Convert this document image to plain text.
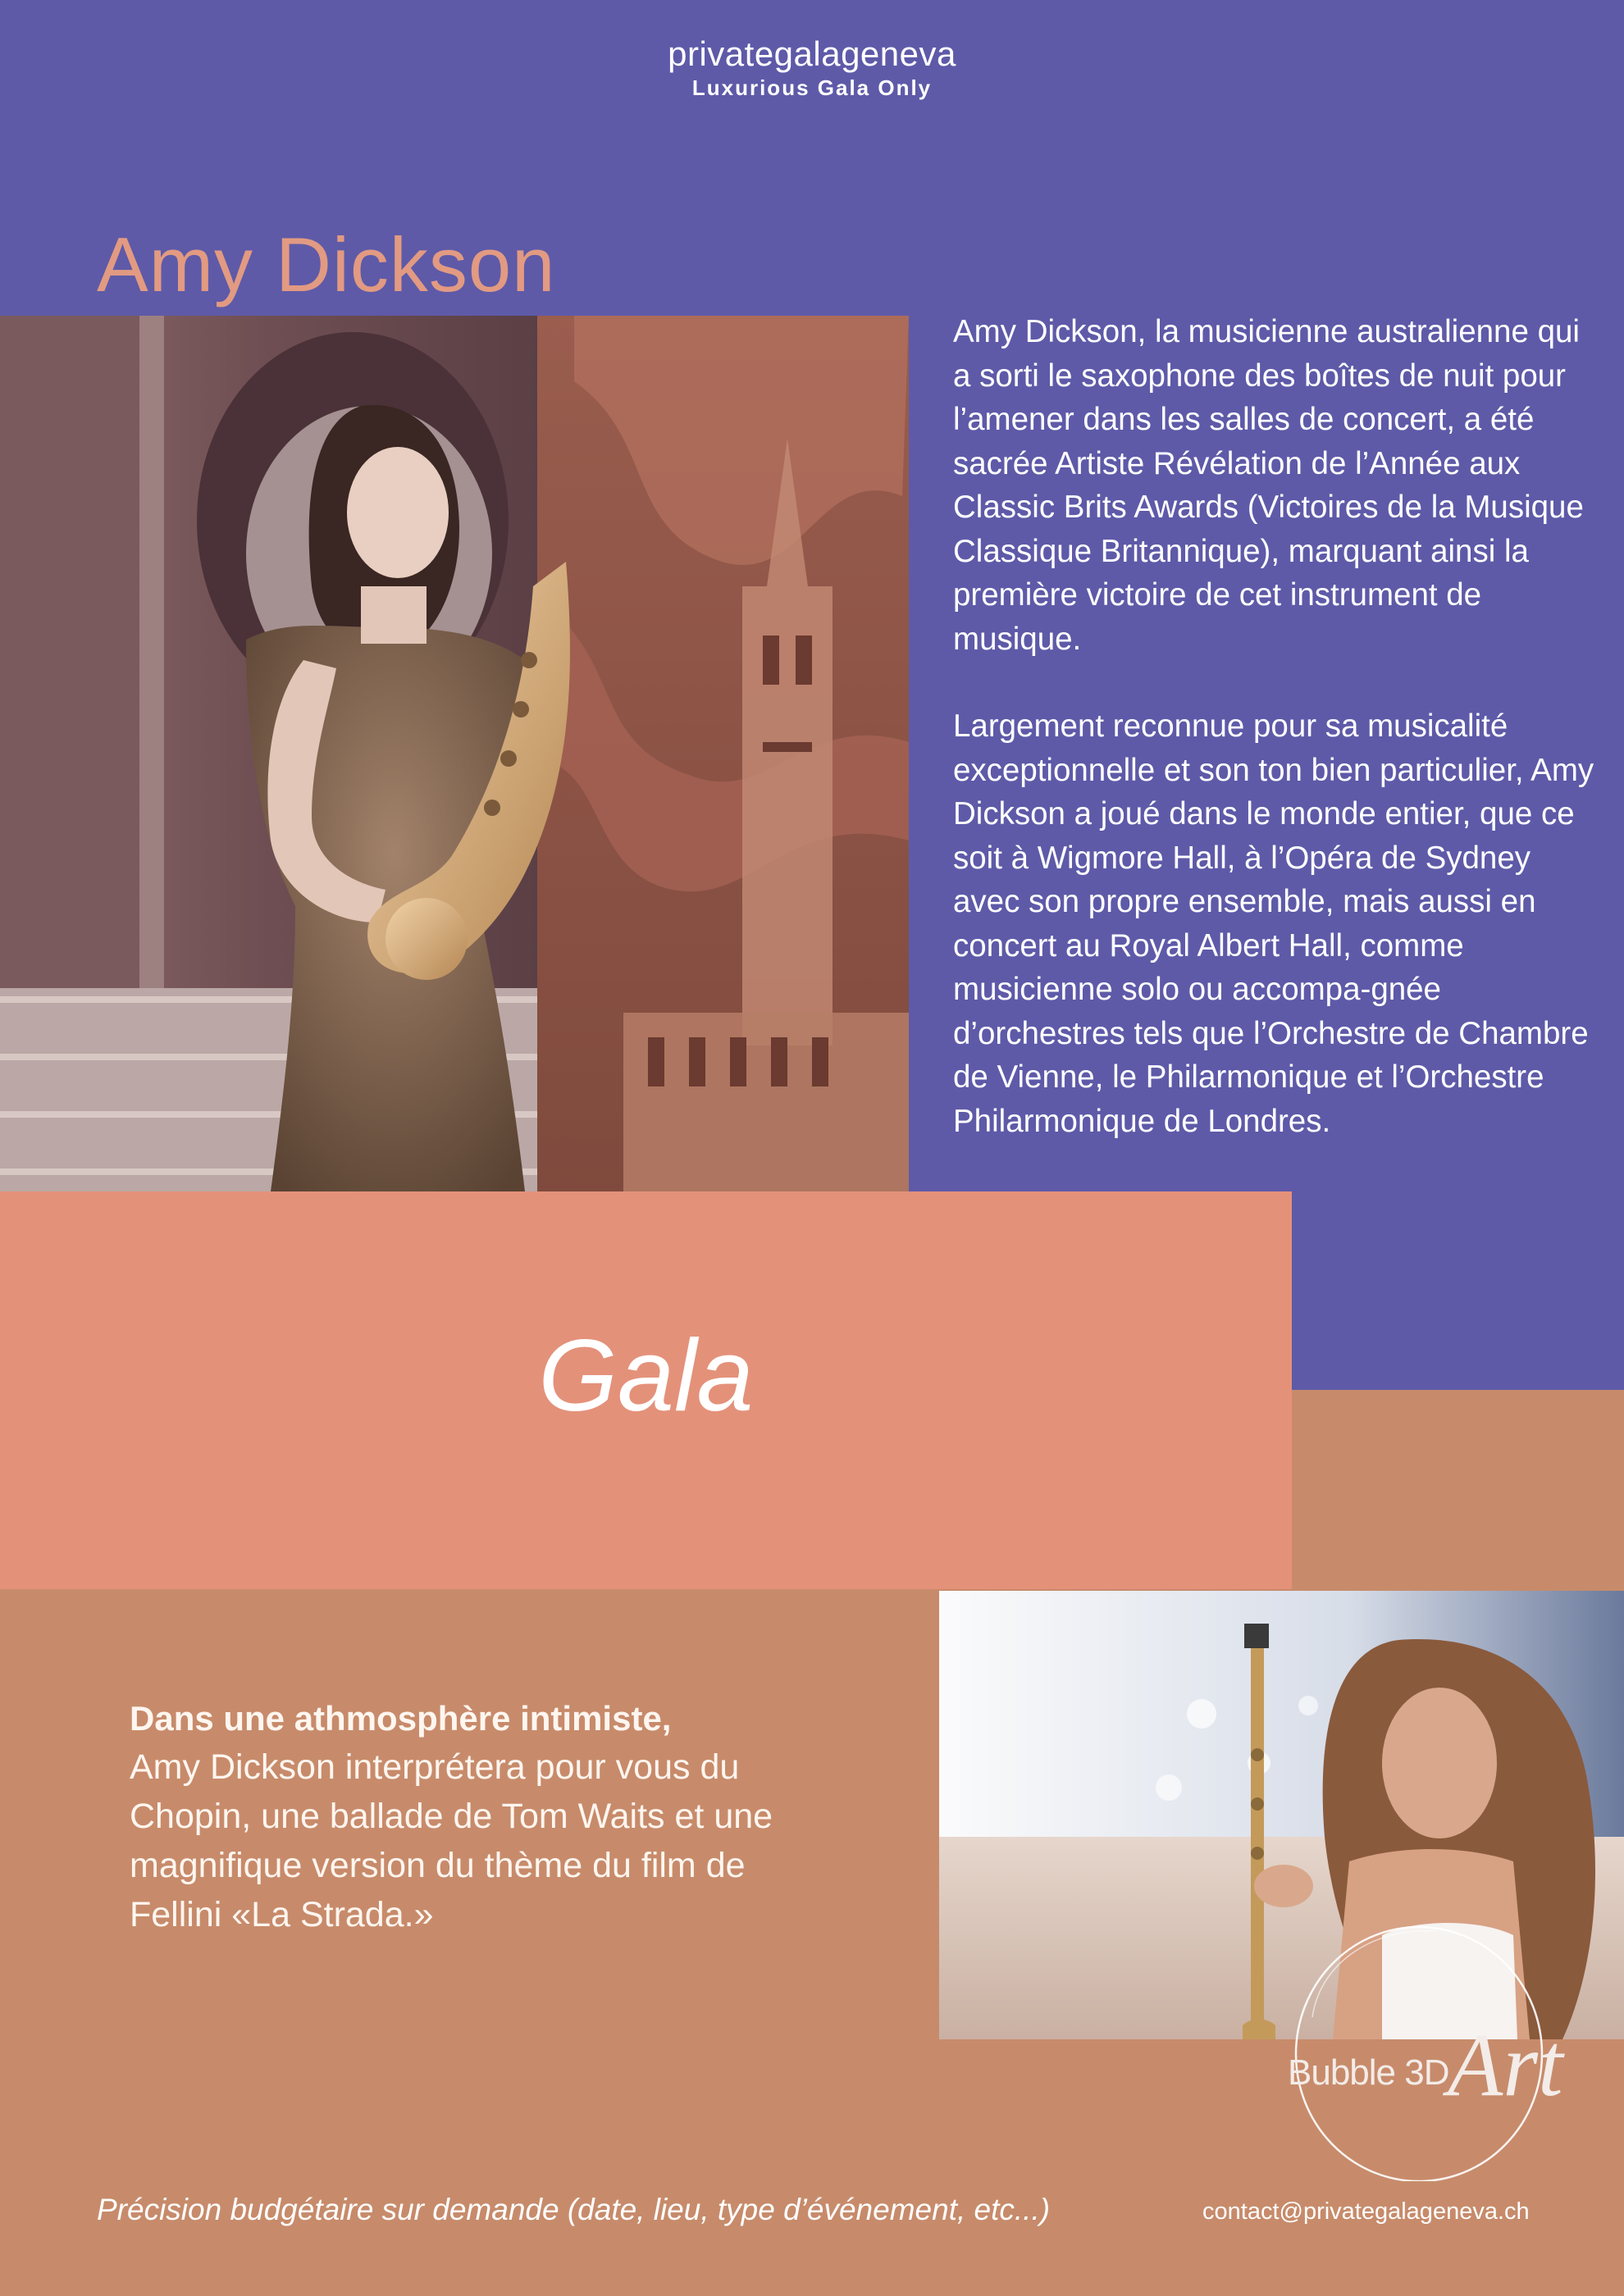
privategalageneva
Luxurious Gala Only
Amy Dickson

Amy Dickson, la musicienne australienne qui a sorti le saxophone des boîtes de nuit pour l’amener dans les salles de concert, a été sacrée Artiste Révélation de l’Année aux Classic Brits Awards (Victoires de la Musique Classique Britannique), marquant ainsi la première victoire de cet instrument de musique.

Largement reconnue pour sa musicalité exceptionnelle et son ton bien particulier, Amy Dickson a joué dans le monde entier, que ce soit à Wigmore Hall, à l’Opéra de Sydney avec son propre ensemble, mais aussi en concert au Royal Albert Hall, comme musicienne solo ou accompa-gnée d’orchestres tels que l’Orchestre de Chambre de Vienne, le Philarmonique et l’Orchestre Philarmonique de Londres.

Gala
Dans une athmosphère intimiste,
Amy Dickson interprétera pour vous du Chopin, une ballade de Tom Waits et une magnifique version du thème du film de Fellini «La Strada.»
Bubble 3D
Art
Précision budgétaire sur demande (date, lieu, type d’événement, etc...)	contact@privategalageneva.ch
